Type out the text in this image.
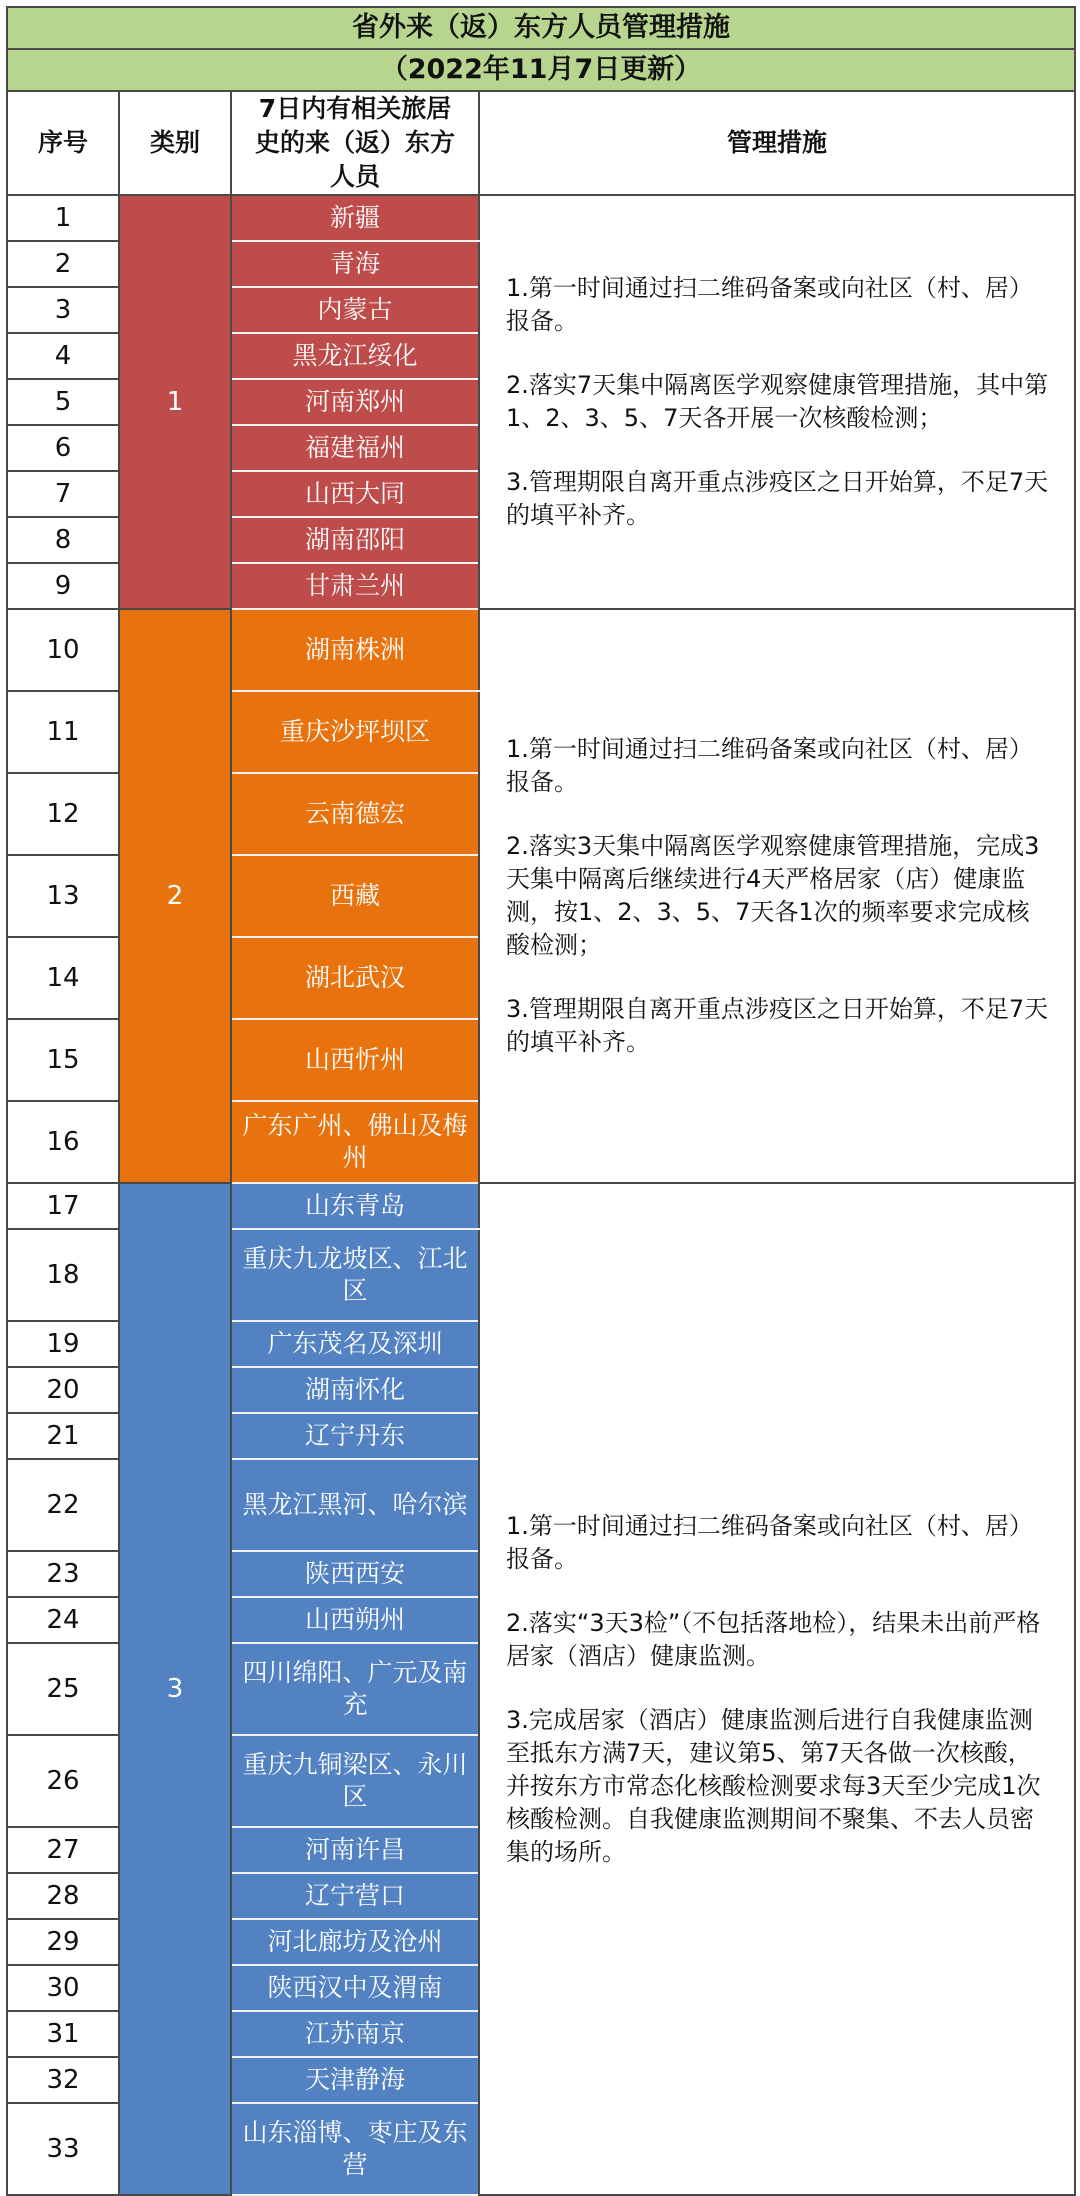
省外来（返）东方人员管理措施			
（2022年11月7日更新）			
序号	类别	7日内有相关旅居史的来（返）东方人员	管理措施
1	1	新疆	1.第一时间通过扫二维码备案或向社区（村、居）报备。

2.落实7天集中隔离医学观察健康管理措施，其中第1、2、3、5、7天各开展一次核酸检测；

3.管理期限自离开重点涉疫区之日开始算，不足7天的填平补齐。

2		青海	
3		内蒙古	
4		黑龙江绥化	
5		河南郑州	
6		福建福州	
7		山西大同	
8		湖南邵阳	
9		甘肃兰州	
10	2	湖南株洲	1.第一时间通过扫二维码备案或向社区（村、居）报备。

2.落实3天集中隔离医学观察健康管理措施，完成3天集中隔离后继续进行4天严格居家（店）健康监测，按1、2、3、5、7天各1次的频率要求完成核酸检测；

3.管理期限自离开重点涉疫区之日开始算，不足7天的填平补齐。

11		重庆沙坪坝区	
12		云南德宏	
13		西藏	
14		湖北武汉	
15		山西忻州	
16		广东广州、佛山及梅州	
17	3	山东青岛	1.第一时间通过扫二维码备案或向社区（村、居）报备。

2.落实“3天3检”（不包括落地检），结果未出前严格居家（酒店）健康监测。

3.完成居家（酒店）健康监测后进行自我健康监测至抵东方满7天，建议第5、第7天各做一次核酸，并按东方市常态化核酸检测要求每3天至少完成1次核酸检测。自我健康监测期间不聚集、不去人员密集的场所。

18		重庆九龙坡区、江北区	
19		广东茂名及深圳	
20		湖南怀化	
21		辽宁丹东	
22		黑龙江黑河、哈尔滨	
23		陕西西安	
24		山西朔州	
25		四川绵阳、广元及南充	
26		重庆九铜梁区、永川区	
27		河南许昌	
28		辽宁营口	
29		河北廊坊及沧州	
30		陕西汉中及渭南	
31		江苏南京	
32		天津静海	
33		山东淄博、枣庄及东营	
